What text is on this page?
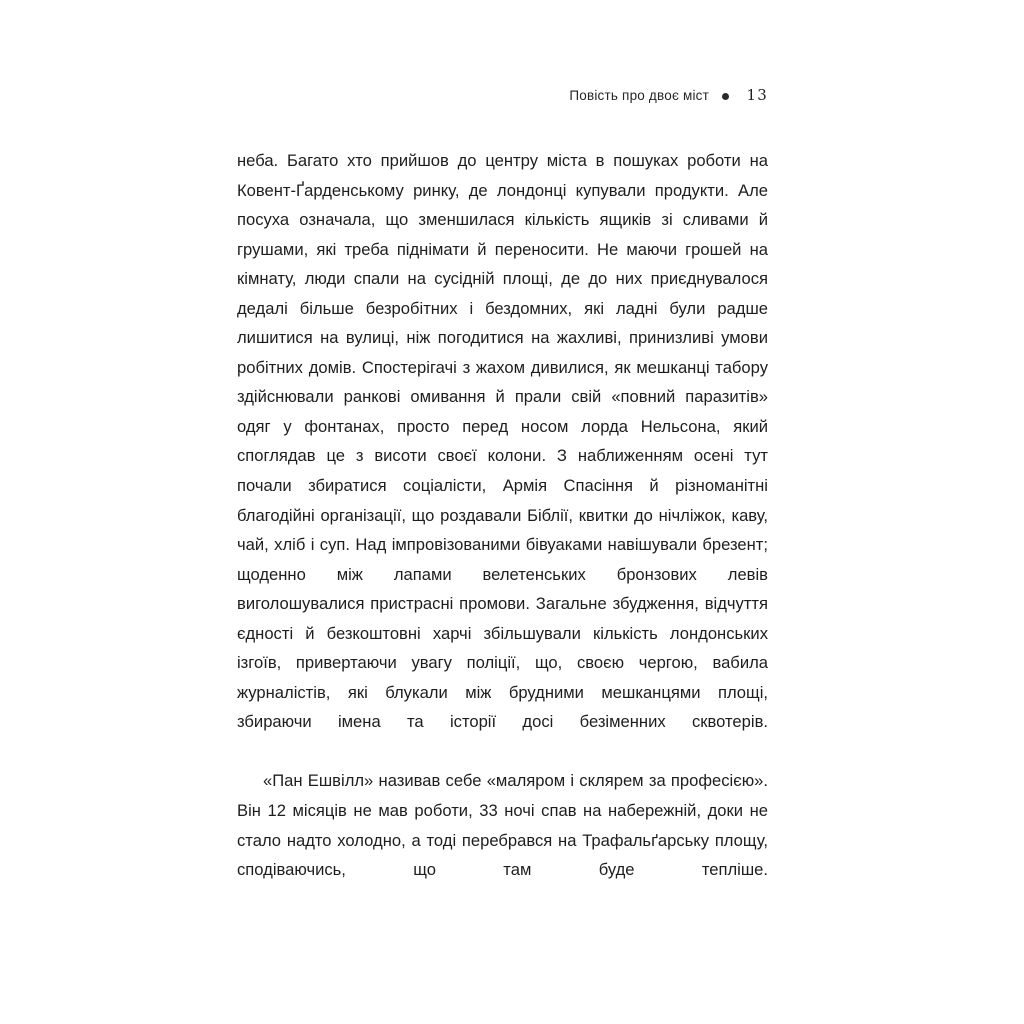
Повість про двоє міст	13

неба. Багато хто прийшов до центру міста в пошуках роботи на Ковент-Ґарденському ринку, де лондонці купували продукти. Але посуха означала, що зменшилася кількість ящиків зі сливами й грушами, які треба піднімати й переносити. Не маючи грошей на кімнату, люди спали на сусідній площі, де до них приєднувалося дедалі більше безробітних і бездомних, які ладні були радше лишитися на вулиці, ніж погодитися на жахливі, принизливі умови робітних домів. Спостерігачі з жахом дивилися, як мешканці табору здійснювали ранкові омивання й прали свій «повний паразитів» одяг у фонтанах, просто перед носом лорда Нельсона, який споглядав це з висоти своєї колони. З наближенням осені тут почали збиратися соціалісти, Армія Спасіння й різноманітні благодійні організації, що роздавали Біблії, квитки до нічліжок, каву, чай, хліб і суп. Над імпровізованими бівуаками навішували брезент; щоденно між лапами велетенських бронзових левів виголошувалися пристрасні промови. Загальне збудження, відчуття єдності й безкоштовні харчі збільшували кількість лондонських ізгоїв, привертаючи увагу поліції, що, своєю чергою, вабила журналістів, які блукали між брудними мешканцями площі, збираючи імена та історії досі безіменних сквотерів.

«Пан Ешвілл» називав себе «маляром і склярем за професією». Він 12 місяців не мав роботи, 33 ночі спав на набережній, доки не стало надто холодно, а тоді перебрався на Трафальґарську площу, сподіваючись, що там буде тепліше.
